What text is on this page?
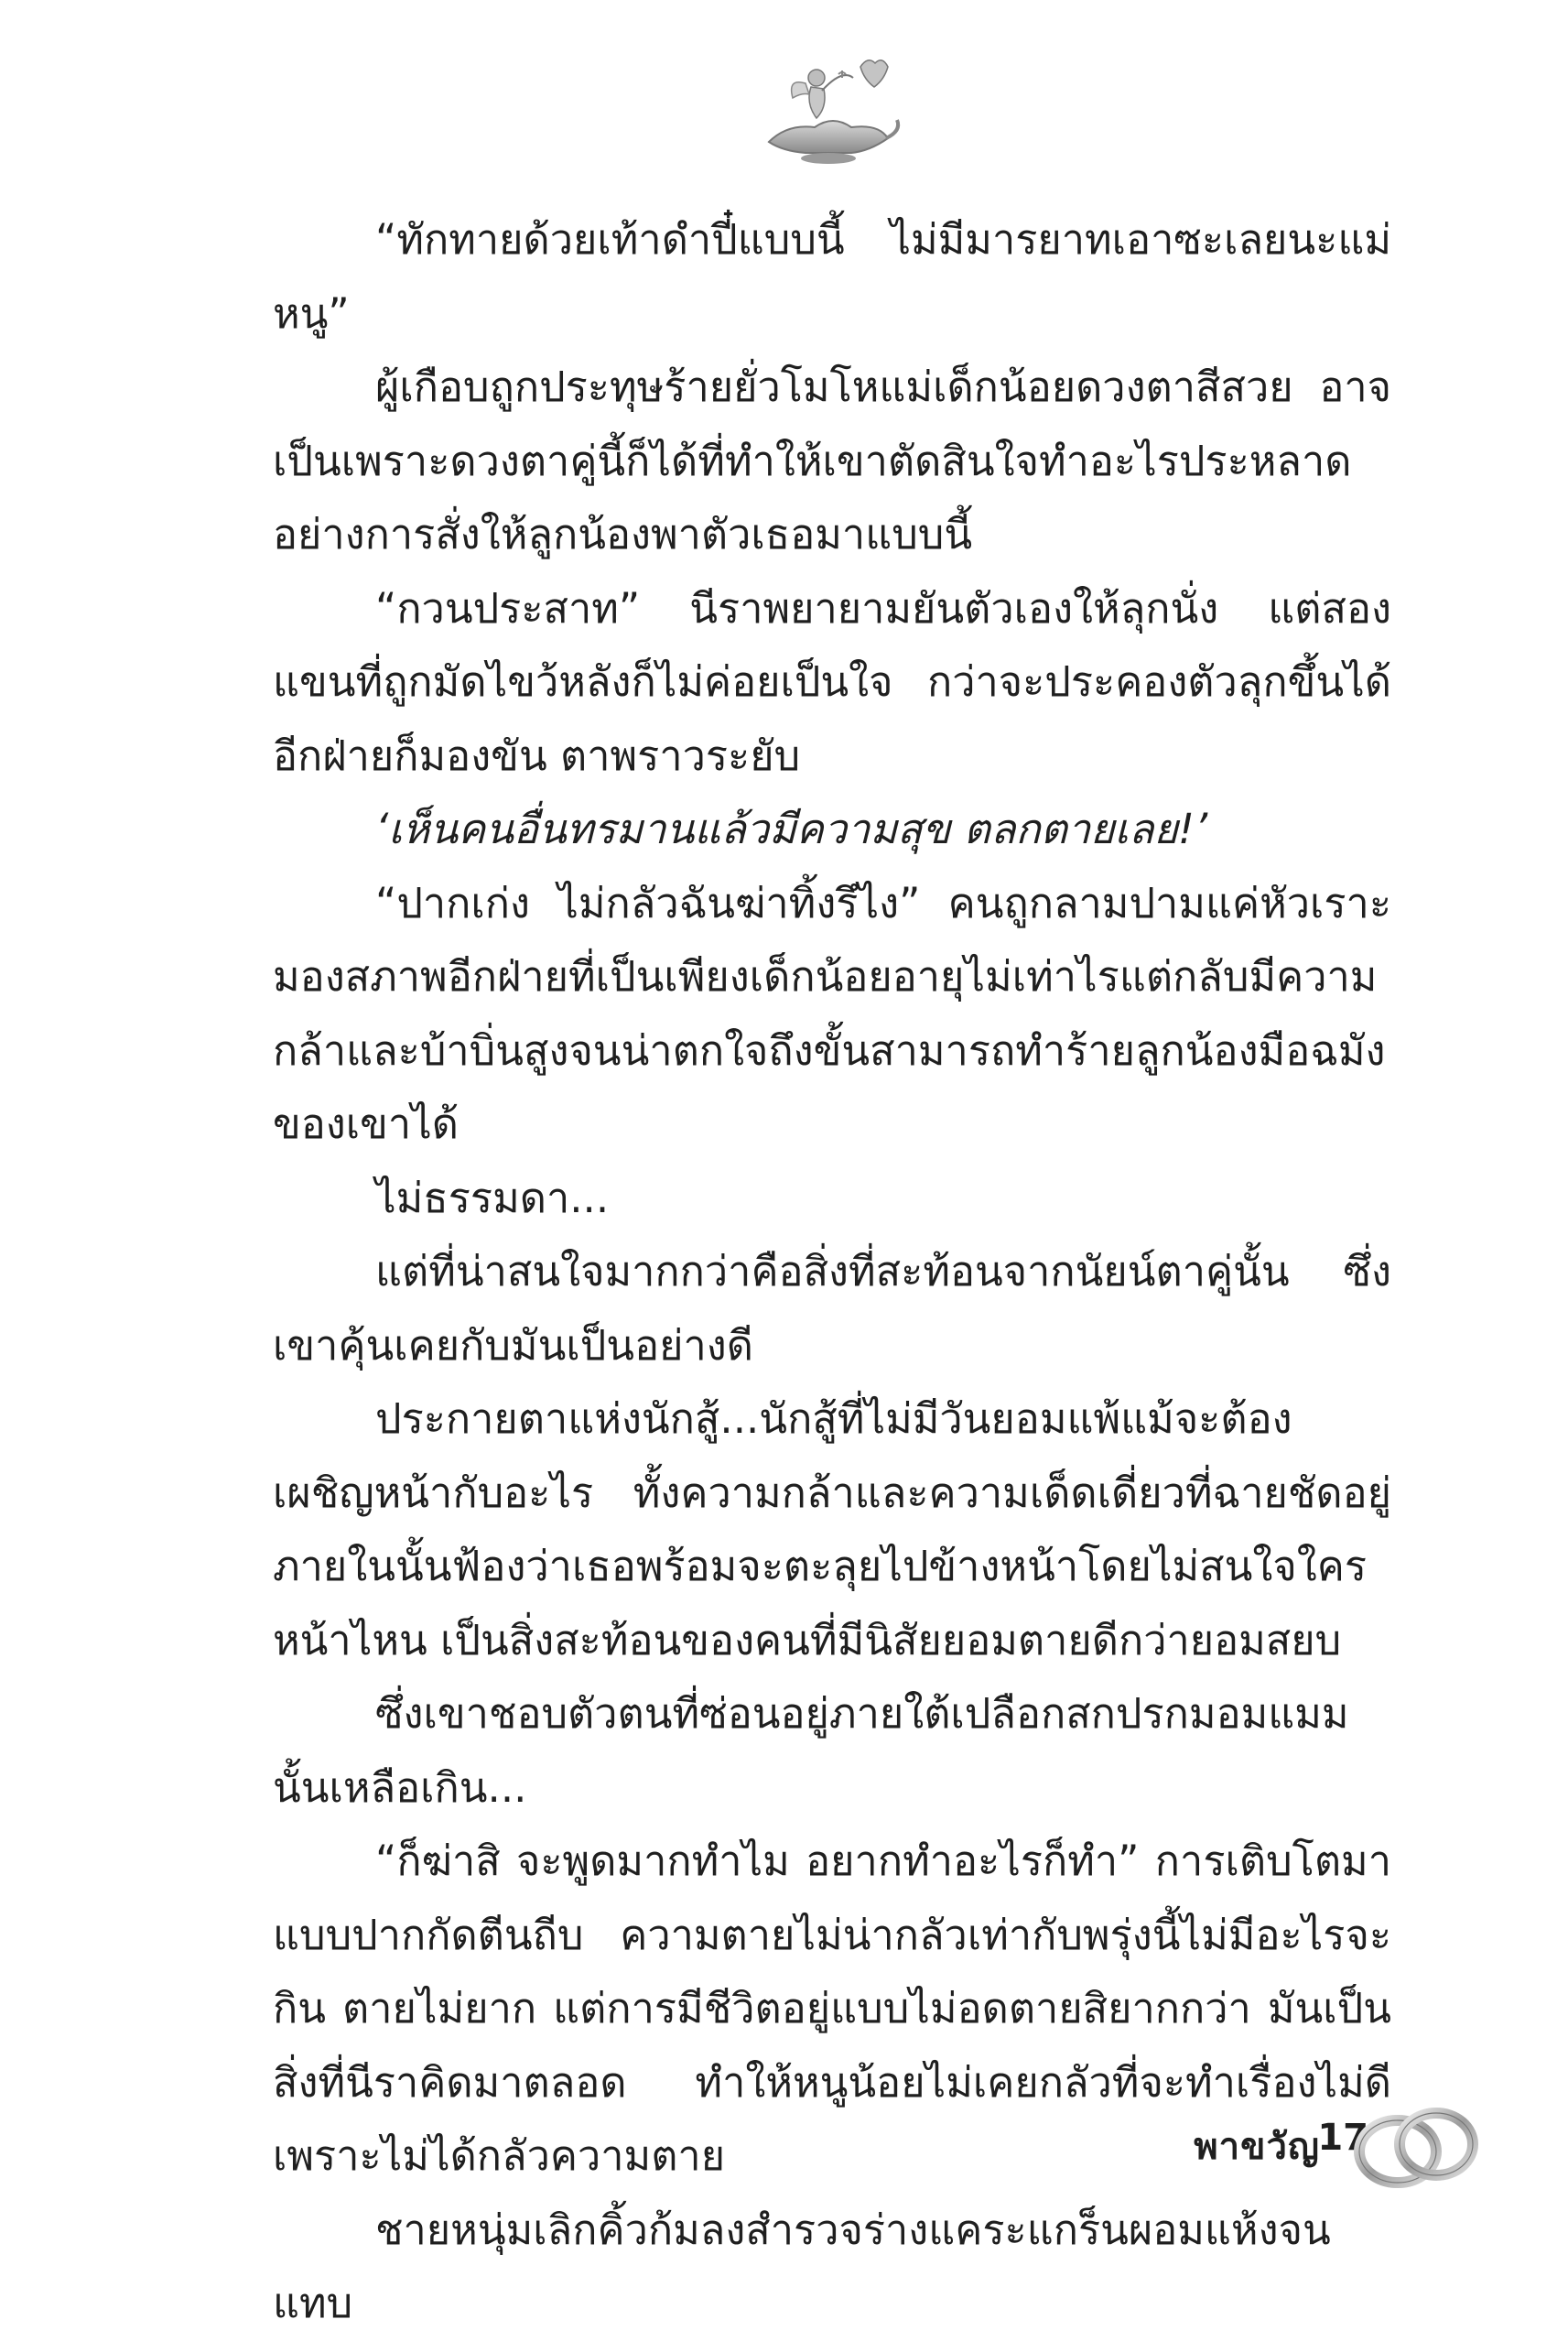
“ทักทายด้วยเท้าดำปี๋แบบนี้ ไม่มีมารยาทเอาซะเลยนะแม่หนู”

ผู้เกือบถูกประทุษร้ายยั่วโมโหแม่เด็กน้อยดวงตาสีสวย อาจเป็นเพราะดวงตาคู่นี้ก็ได้ที่ทำให้เขาตัดสินใจทำอะไรประหลาดอย่างการสั่งให้ลูกน้องพาตัวเธอมาแบบนี้

“กวนประสาท” นีราพยายามยันตัวเองให้ลุกนั่ง แต่สองแขนที่ถูกมัดไขว้หลังก็ไม่ค่อยเป็นใจ กว่าจะประคองตัวลุกขึ้นได้อีกฝ่ายก็มองขัน ตาพราวระยับ

‘เห็นคนอื่นทรมานแล้วมีความสุข ตลกตายเลย!’

“ปากเก่ง ไม่กลัวฉันฆ่าทิ้งรึไง” คนถูกลามปามแค่หัวเราะ มองสภาพอีกฝ่ายที่เป็นเพียงเด็กน้อยอายุไม่เท่าไรแต่กลับมีความกล้าและบ้าบิ่นสูงจนน่าตกใจถึงขั้นสามารถทำร้ายลูกน้องมือฉมังของเขาได้

ไม่ธรรมดา...

แต่ที่น่าสนใจมากกว่าคือสิ่งที่สะท้อนจากนัยน์ตาคู่นั้น ซึ่งเขาคุ้นเคยกับมันเป็นอย่างดี

ประกายตาแห่งนักสู้...นักสู้ที่ไม่มีวันยอมแพ้แม้จะต้องเผชิญหน้ากับอะไร ทั้งความกล้าและความเด็ดเดี่ยวที่ฉายชัดอยู่ภายในนั้นฟ้องว่าเธอพร้อมจะตะลุยไปข้างหน้าโดยไม่สนใจใครหน้าไหน เป็นสิ่งสะท้อนของคนที่มีนิสัยยอมตายดีกว่ายอมสยบ

ซึ่งเขาชอบตัวตนที่ซ่อนอยู่ภายใต้เปลือกสกปรกมอมแมมนั้นเหลือเกิน...

“ก็ฆ่าสิ จะพูดมากทำไม อยากทำอะไรก็ทำ” การเติบโตมาแบบปากกัดตีนถีบ ความตายไม่น่ากลัวเท่ากับพรุ่งนี้ไม่มีอะไรจะกิน ตายไม่ยาก แต่การมีชีวิตอยู่แบบไม่อดตายสิยากกว่า มันเป็นสิ่งที่นีราคิดมาตลอด ทำให้หนูน้อยไม่เคยกลัวที่จะทำเรื่องไม่ดี เพราะไม่ได้กลัวความตาย

ชายหนุ่มเลิกคิ้วก้มลงสำรวจร่างแคระแกร็นผอมแห้งจนแทบ

พาขวัญ
17
